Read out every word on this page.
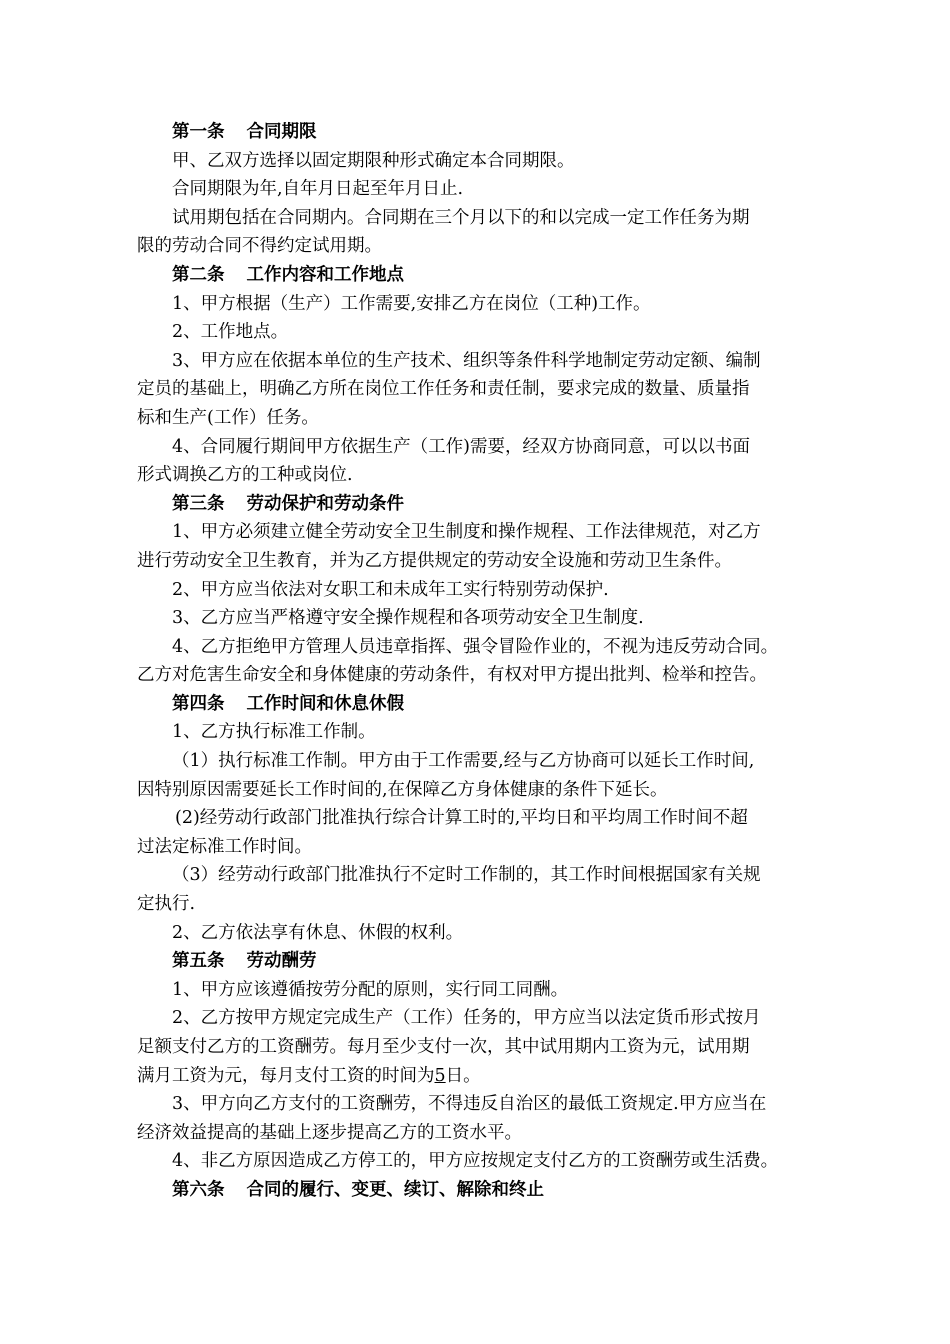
第一条 合同期限
甲、乙双方选择以固定期限种形式确定本合同期限。
合同期限为年,自年月日起至年月日止.
试用期包括在合同期内。合同期在三个月以下的和以完成一定工作任务为期
限的劳动合同不得约定试用期。
第二条 工作内容和工作地点
1、甲方根据（生产）工作需要,安排乙方在岗位（工种)工作。
2、工作地点。
3、甲方应在依据本单位的生产技术、组织等条件科学地制定劳动定额、编制
定员的基础上，明确乙方所在岗位工作任务和责任制，要求完成的数量、质量指
标和生产(工作）任务。
4、合同履行期间甲方依据生产（工作)需要，经双方协商同意，可以以书面
形式调换乙方的工种或岗位.
第三条 劳动保护和劳动条件
1、甲方必须建立健全劳动安全卫生制度和操作规程、工作法律规范，对乙方
进行劳动安全卫生教育，并为乙方提供规定的劳动安全设施和劳动卫生条件。
2、甲方应当依法对女职工和未成年工实行特别劳动保护.
3、乙方应当严格遵守安全操作规程和各项劳动安全卫生制度.
4、乙方拒绝甲方管理人员违章指挥、强令冒险作业的，不视为违反劳动合同。
乙方对危害生命安全和身体健康的劳动条件，有权对甲方提出批判、检举和控告。
第四条 工作时间和休息休假
1、乙方执行标准工作制。
（1）执行标准工作制。甲方由于工作需要,经与乙方协商可以延长工作时间,
因特别原因需要延长工作时间的,在保障乙方身体健康的条件下延长。
(2)经劳动行政部门批准执行综合计算工时的,平均日和平均周工作时间不超
过法定标准工作时间。
（3）经劳动行政部门批准执行不定时工作制的，其工作时间根据国家有关规
定执行.
2、乙方依法享有休息、休假的权利。
第五条 劳动酬劳
1、甲方应该遵循按劳分配的原则，实行同工同酬。
2、乙方按甲方规定完成生产（工作）任务的，甲方应当以法定货币形式按月
足额支付乙方的工资酬劳。每月至少支付一次，其中试用期内工资为元，试用期
满月工资为元，每月支付工资的时间为5日。
3、甲方向乙方支付的工资酬劳，不得违反自治区的最低工资规定.甲方应当在
经济效益提高的基础上逐步提高乙方的工资水平。
4、非乙方原因造成乙方停工的，甲方应按规定支付乙方的工资酬劳或生活费。
第六条 合同的履行、变更、续订、解除和终止
